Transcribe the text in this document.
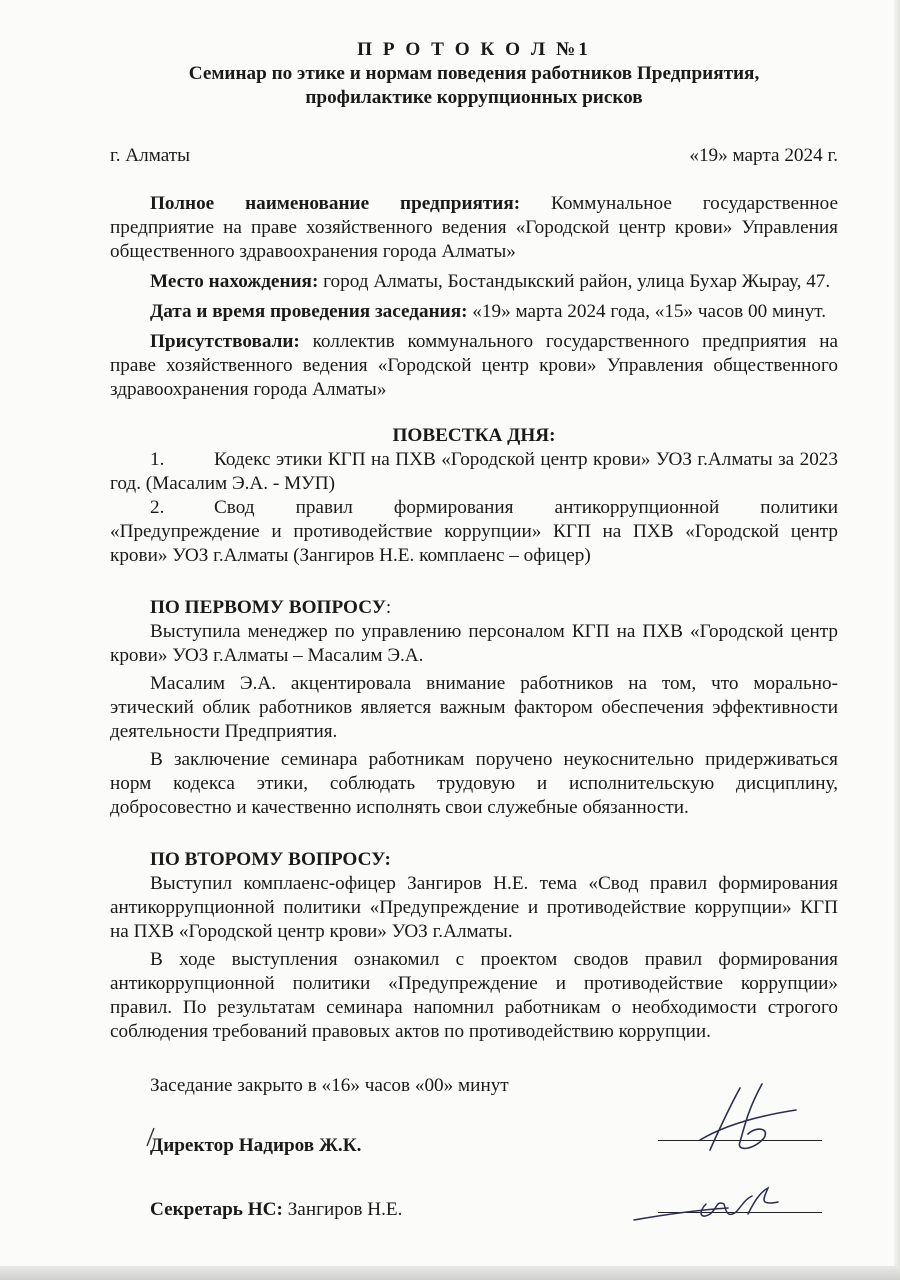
П Р О Т О К О Л №1
Семинар по этике и нормам поведения работников Предприятия,
профилактике коррупционных рисков
г. Алматы	«19» марта 2024 г.

Полное наименование предприятия: Коммунальное государственное предприятие на праве хозяйственного ведения «Городской центр крови» Управления общественного здравоохранения города Алматы»

Место нахождения: город Алматы, Бостандыкский район, улица Бухар Жырау, 47.

Дата и время проведения заседания: «19» марта 2024 года, «15» часов 00 минут.

Присутствовали: коллектив коммунального государственного предприятия на праве хозяйственного ведения «Городской центр крови» Управления общественного здравоохранения города Алматы»

ПОВЕСТКА ДНЯ:

1.	Кодекс этики КГП на ПХВ «Городской центр крови» УОЗ г.Алматы за 2023 год. (Масалим Э.А. - МУП)

2.	Свод правил формирования антикоррупционной политики «Предупреждение и противодействие коррупции» КГП на ПХВ «Городской центр крови» УОЗ г.Алматы (Зангиров Н.Е. комплаенс – офицер)

ПО ПЕРВОМУ ВОПРОСУ:

Выступила менеджер по управлению персоналом КГП на ПХВ «Городской центр крови» УОЗ г.Алматы – Масалим Э.А.

Масалим Э.А. акцентировала внимание работников на том, что морально-этический облик работников является важным фактором обеспечения эффективности деятельности Предприятия.

В заключение семинара работникам поручено неукоснительно придерживаться норм кодекса этики, соблюдать трудовую и исполнительскую дисциплину, добросовестно и качественно исполнять свои служебные обязанности.

ПО ВТОРОМУ ВОПРОСУ:

Выступил комплаенс-офицер Зангиров Н.Е. тема «Свод правил формирования антикоррупционной политики «Предупреждение и противодействие коррупции» КГП на ПХВ «Городской центр крови» УОЗ г.Алматы.

В ходе выступления ознакомил с проектом сводов правил формирования антикоррупционной политики «Предупреждение и противодействие коррупции» правил. По результатам семинара напомнил работникам о необходимости строгого соблюдения требований правовых актов по противодействию коррупции.

Заседание закрыто в «16» часов «00» минут

Директор Надиров Ж.К.
Секретарь НС: Зангиров Н.Е.
